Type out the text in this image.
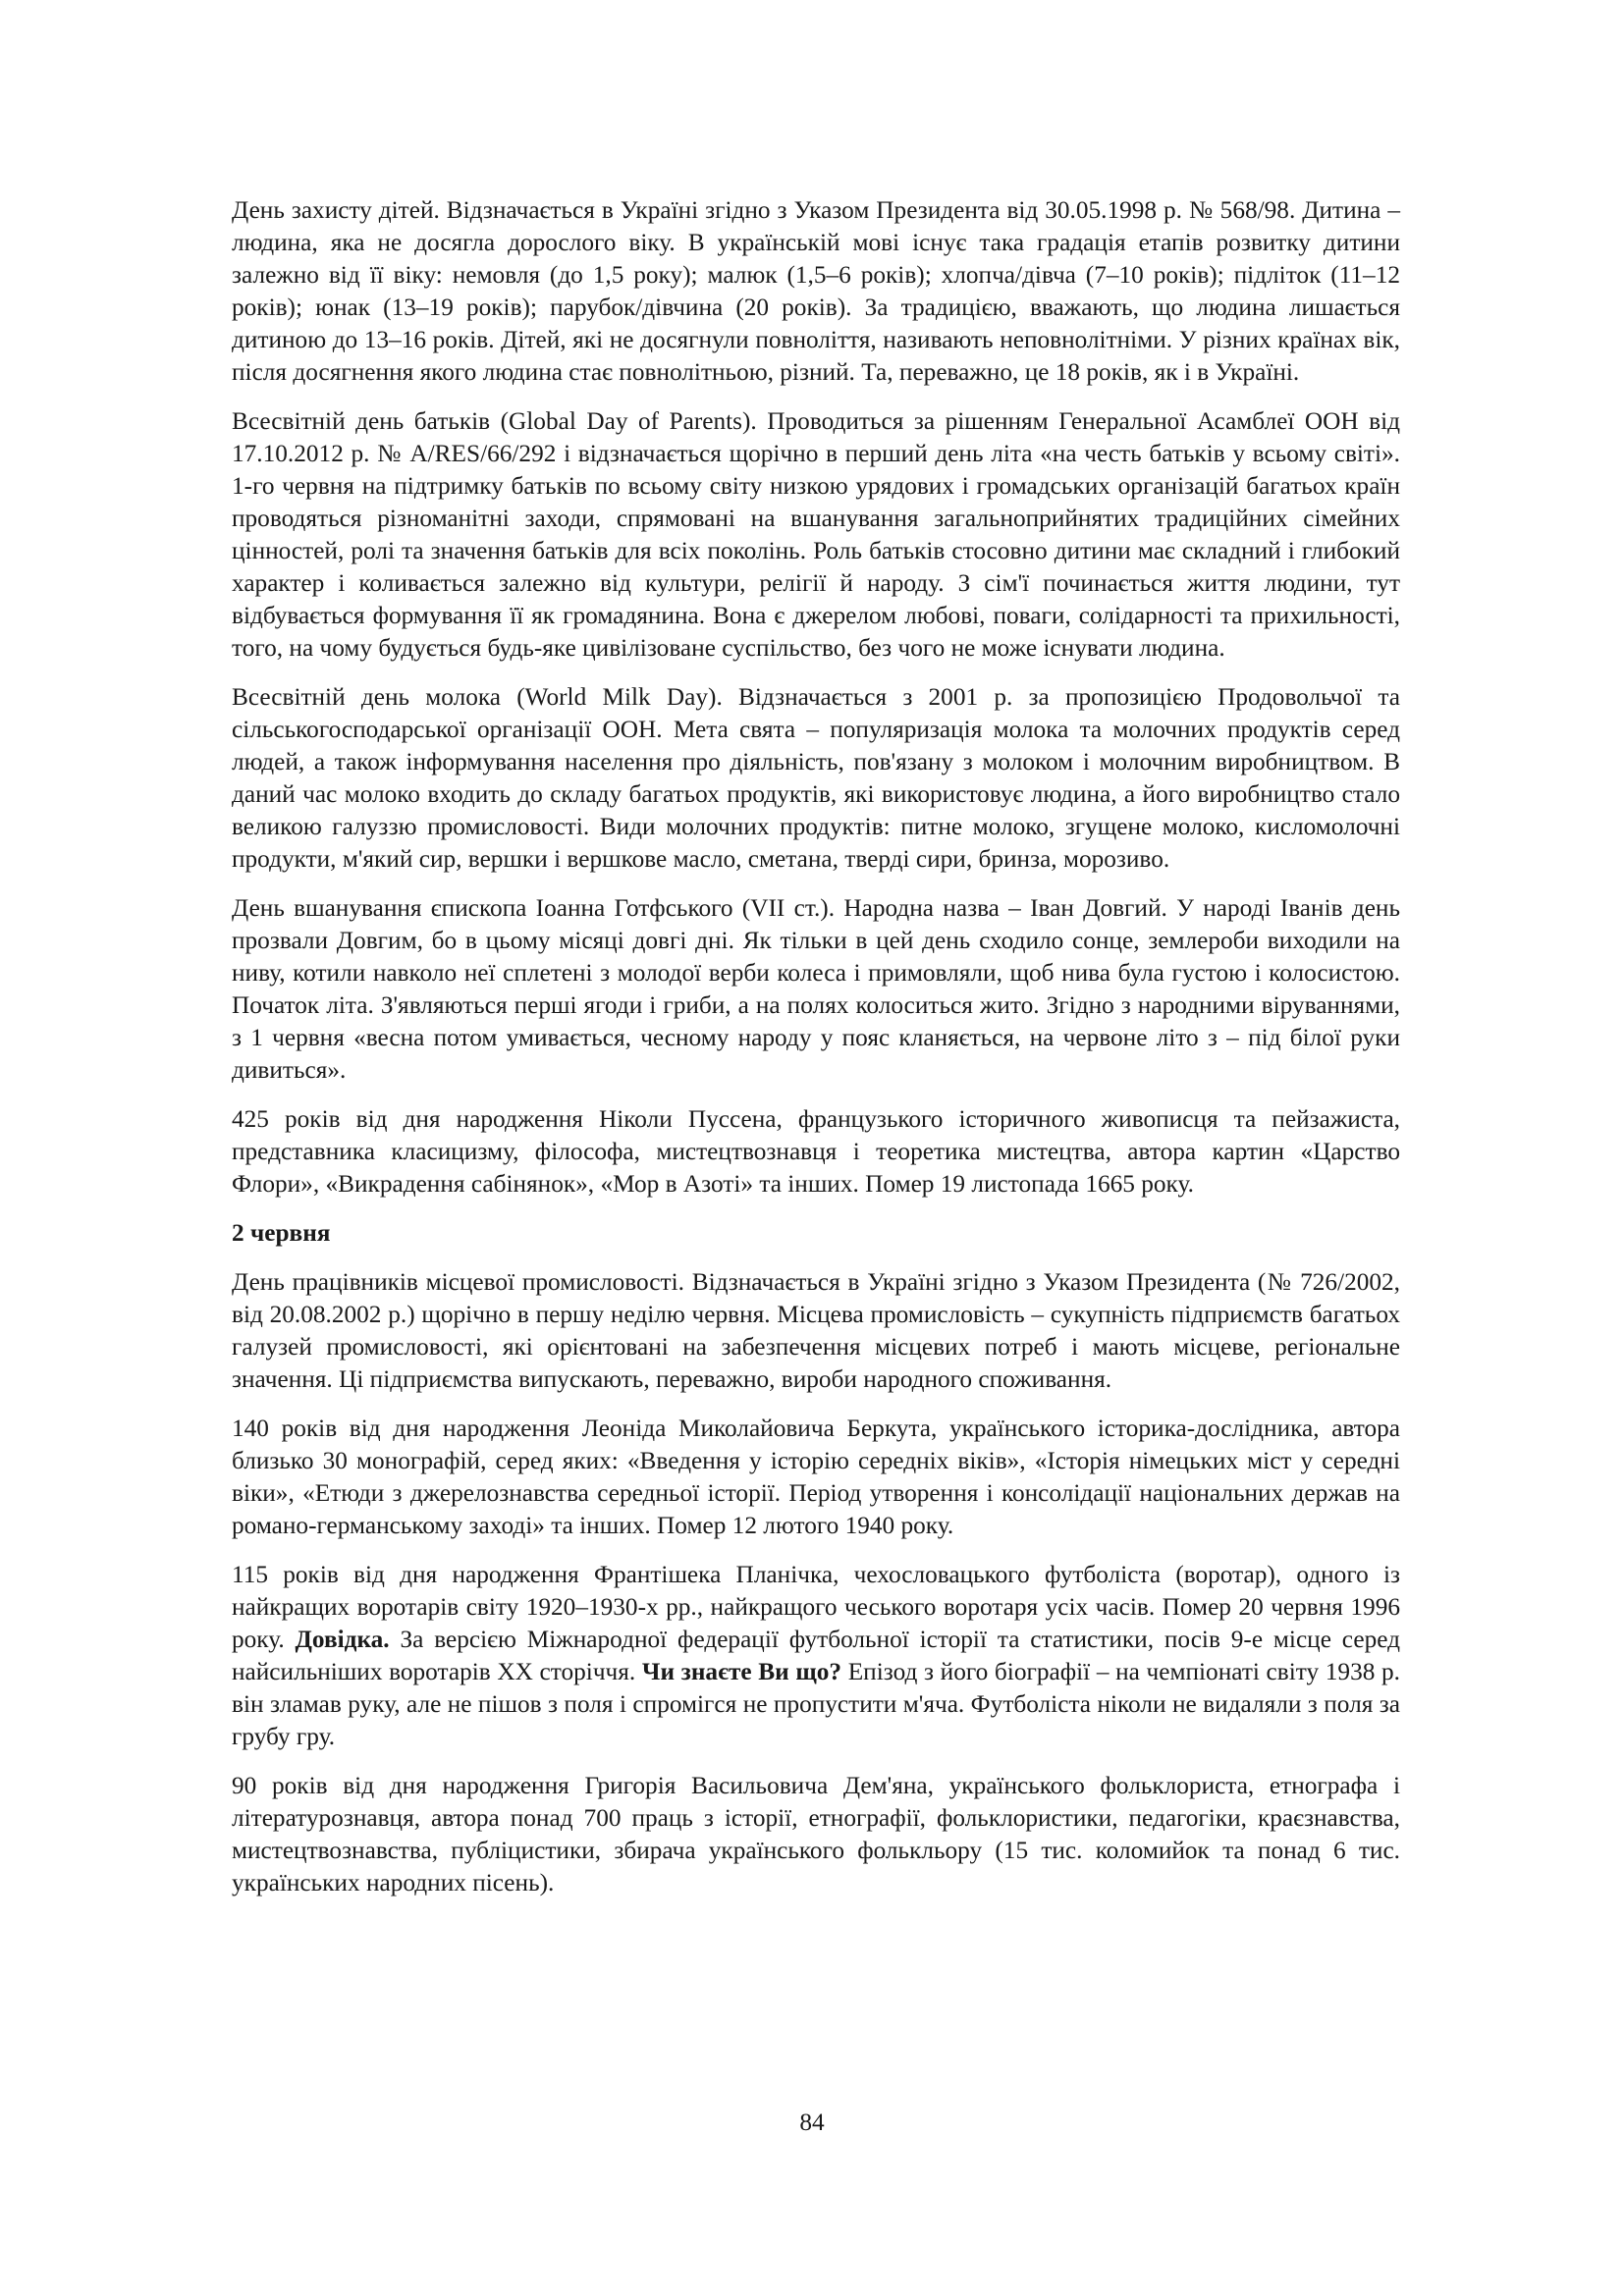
День захисту дітей. Відзначається в Україні згідно з Указом Президента від 30.05.1998 р. № 568/98. Дитина – людина, яка не досягла дорослого віку. В українській мові існує така градація етапів розвитку дитини залежно від її віку: немовля (до 1,5 року); малюк (1,5–6 років); хлопча/дівча (7–10 років); підліток (11–12 років); юнак (13–19 років); парубок/дівчина (20 років). За традицією, вважають, що людина лишається дитиною до 13–16 років. Дітей, які не досягнули повноліття, називають неповнолітніми. У різних країнах вік, після досягнення якого людина стає повнолітньою, різний. Та, переважно, це 18 років, як і в Україні.

Всесвітній день батьків (Global Day of Parents). Проводиться за рішенням Генеральної Асамблеї ООН від 17.10.2012 р. № A/RES/66/292 і відзначається щорічно в перший день літа «на честь батьків у всьому світі». 1-го червня на підтримку батьків по всьому світу низкою урядових і громадських організацій багатьох країн проводяться різноманітні заходи, спрямовані на вшанування загальноприйнятих традиційних сімейних цінностей, ролі та значення батьків для всіх поколінь. Роль батьків стосовно дитини має складний і глибокий характер і коливається залежно від культури, релігії й народу. З сім'ї починається життя людини, тут відбувається формування її як громадянина. Вона є джерелом любові, поваги, солідарності та прихильності, того, на чому будується будь-яке цивілізоване суспільство, без чого не може існувати людина.

Всесвітній день молока (World Milk Day). Відзначається з 2001 р. за пропозицією Продовольчої та сільськогосподарської організації ООН. Мета свята – популяризація молока та молочних продуктів серед людей, а також інформування населення про діяльність, пов'язану з молоком і молочним виробництвом. В даний час молоко входить до складу багатьох продуктів, які використовує людина, а його виробництво стало великою галуззю промисловості. Види молочних продуктів: питне молоко, згущене молоко, кисломолочні продукти, м'який сир, вершки і вершкове масло, сметана, тверді сири, бринза, морозиво.

День вшанування єпископа Іоанна Готфського (VII ст.). Народна назва – Іван Довгий. У народі Іванів день прозвали Довгим, бо в цьому місяці довгі дні. Як тільки в цей день сходило сонце, землероби виходили на ниву, котили навколо неї сплетені з молодої верби колеса і примовляли, щоб нива була густою і колосистою. Початок літа. З'являються перші ягоди і гриби, а на полях колоситься жито. Згідно з народними віруваннями, з 1 червня «весна потом умивається, чесному народу у пояс кланяється, на червоне літо з – під білої руки дивиться».

425 років від дня народження Ніколи Пуссена, французького історичного живописця та пейзажиста, представника класицизму, філософа, мистецтвознавця і теоретика мистецтва, автора картин «Царство Флори», «Викрадення сабінянок», «Мор в Азоті» та інших. Помер 19 листопада 1665 року.

2 червня

День працівників місцевої промисловості. Відзначається в Україні згідно з Указом Президента (№ 726/2002, від 20.08.2002 р.) щорічно в першу неділю червня. Місцева промисловість – сукупність підприємств багатьох галузей промисловості, які орієнтовані на забезпечення місцевих потреб і мають місцеве, регіональне значення. Ці підприємства випускають, переважно, вироби народного споживання.

140 років від дня народження Леоніда Миколайовича Беркута, українського історика-дослідника, автора близько 30 монографій, серед яких: «Введення у історію середніх віків», «Історія німецьких міст у середні віки», «Етюди з джерелознавства середньої історії. Період утворення і консолідації національних держав на романо-германському заході» та інших. Помер 12 лютого 1940 року.

115 років від дня народження Франтішека Планічка, чехословацького футболіста (воротар), одного із найкращих воротарів світу 1920–1930-х рр., найкращого чеського воротаря усіх часів. Помер 20 червня 1996 року. Довідка. За версією Міжнародної федерації футбольної історії та статистики, посів 9-е місце серед найсильніших воротарів ХХ сторіччя. Чи знаєте Ви що? Епізод з його біографії – на чемпіонаті світу 1938 р. він зламав руку, але не пішов з поля і спромігся не пропустити м'яча. Футболіста ніколи не видаляли з поля за грубу гру.

90 років від дня народження Григорія Васильовича Дем'яна, українського фольклориста, етнографа і літературознавця, автора понад 700 праць з історії, етнографії, фольклористики, педагогіки, краєзнавства, мистецтвознавства, публіцистики, збирача українського фолькльору (15 тис. коломийок та понад 6 тис. українських народних пісень).

84
